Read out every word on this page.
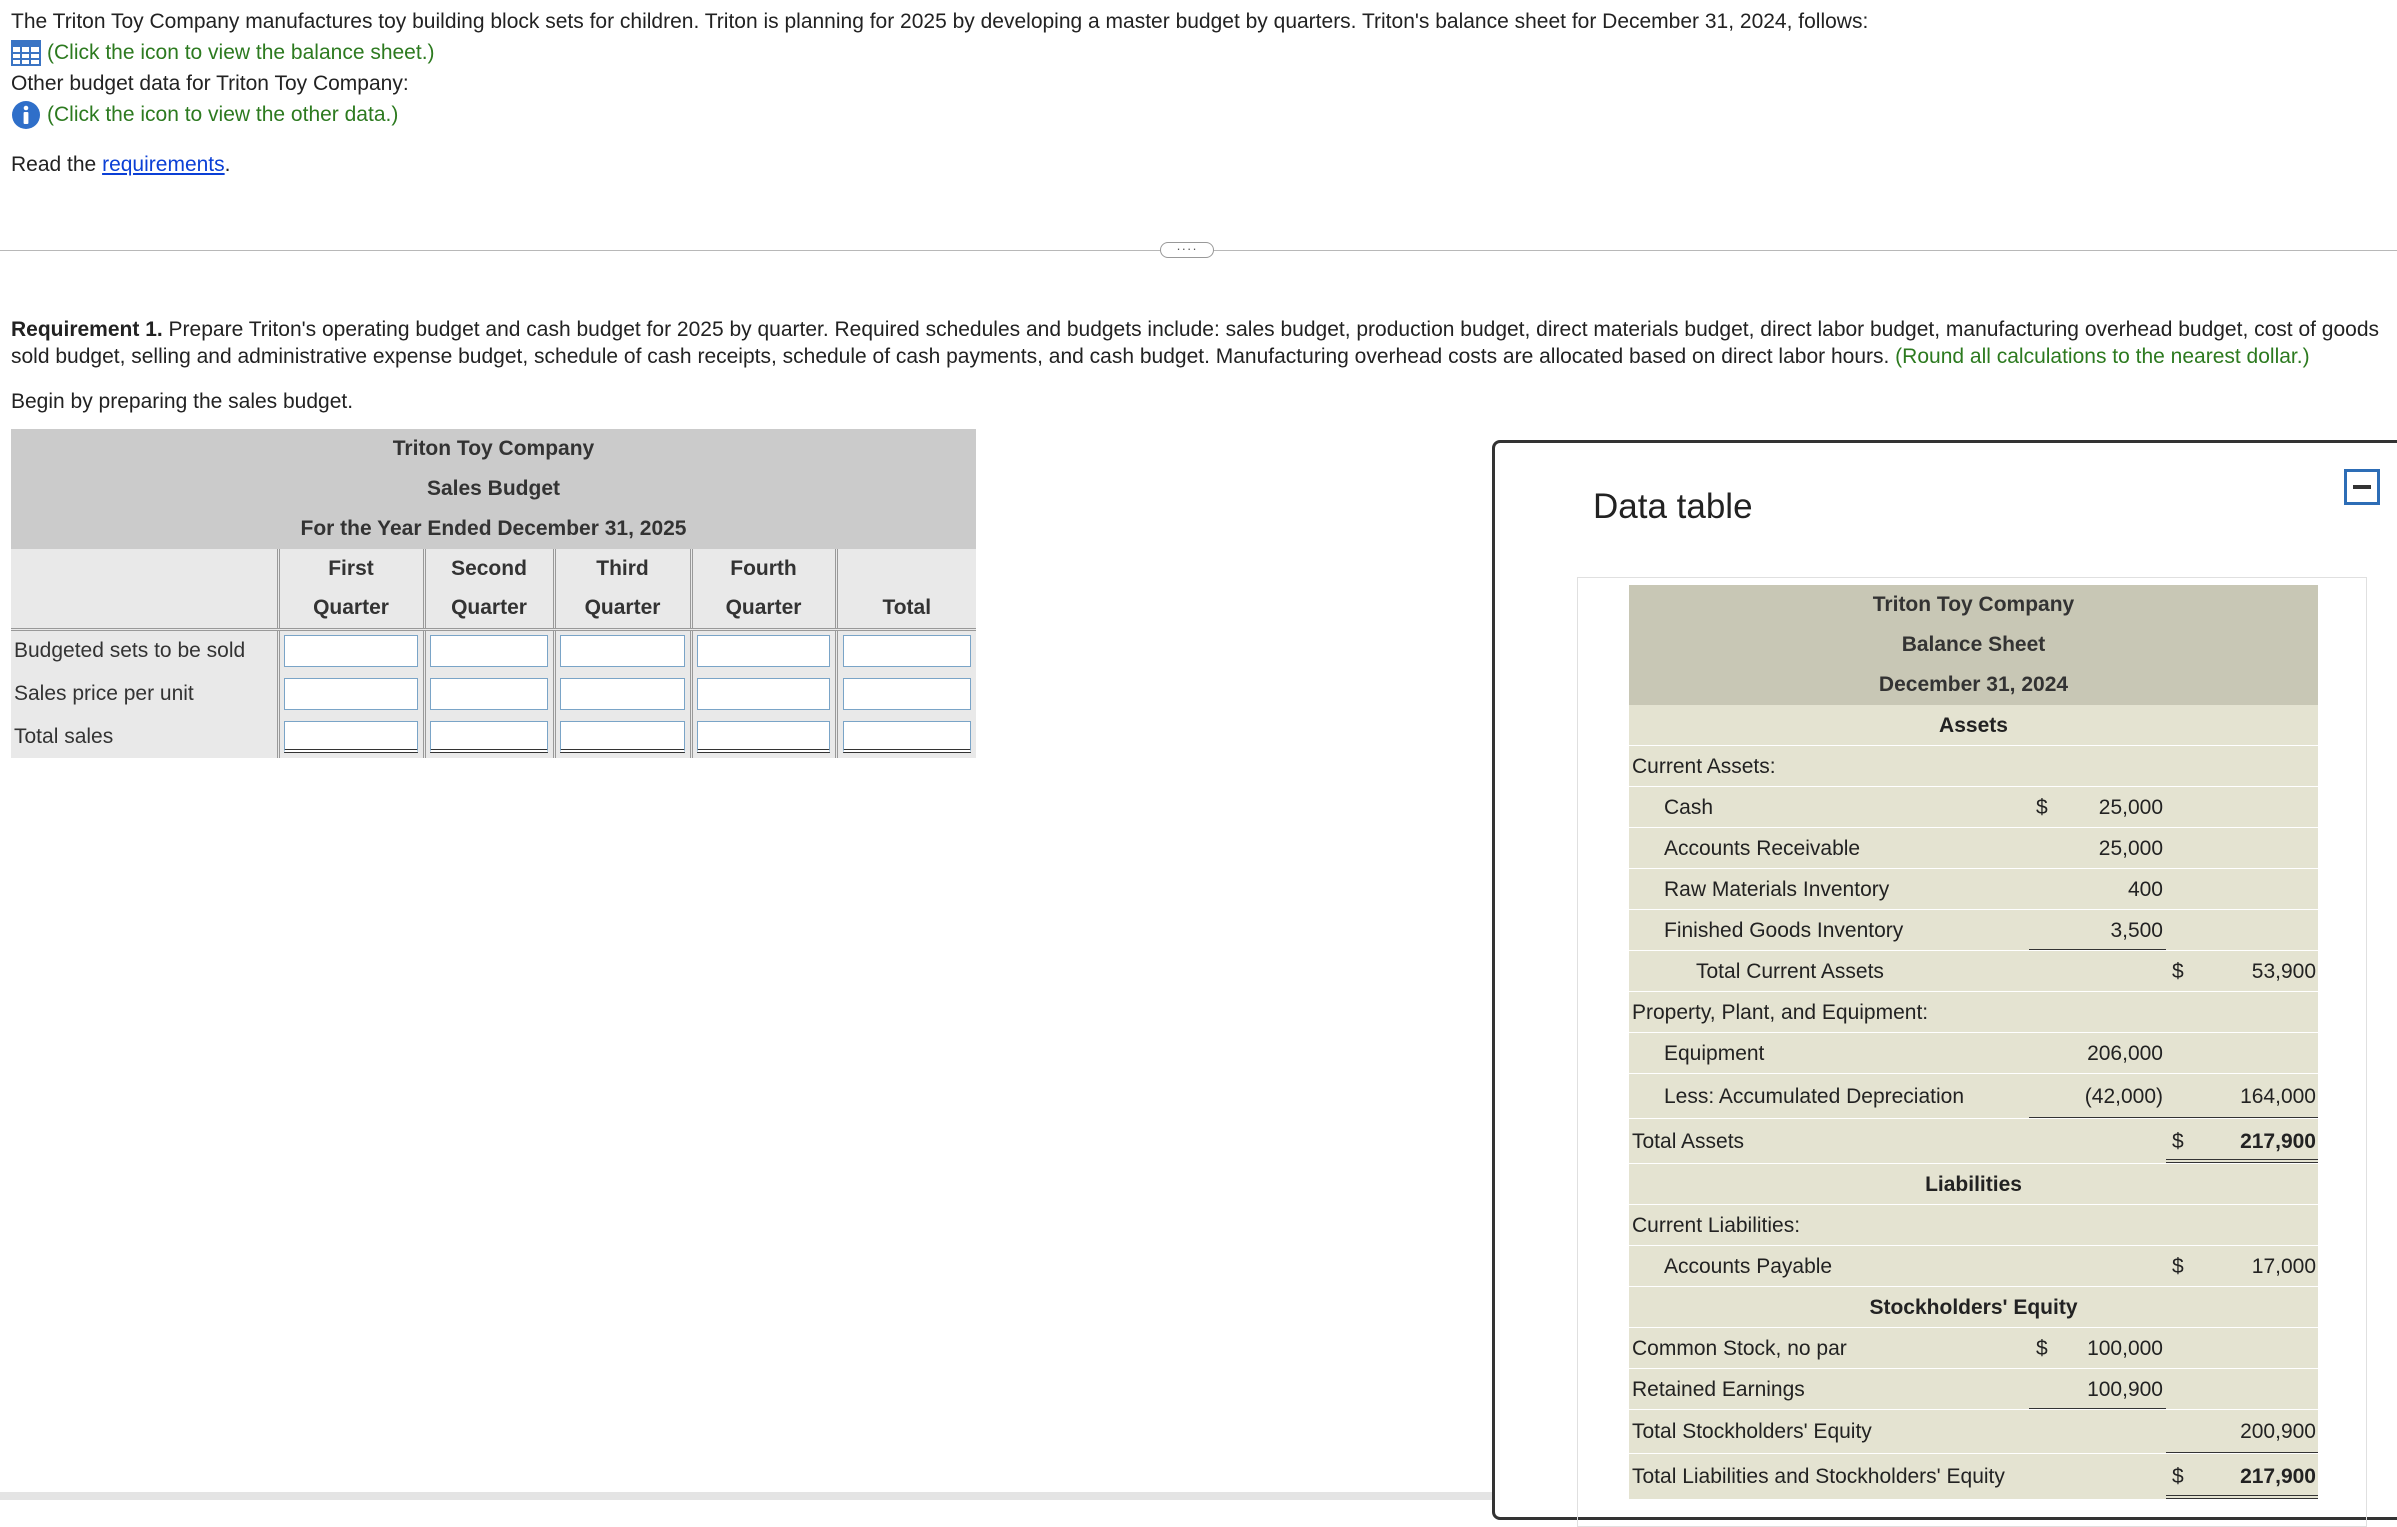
The Triton Toy Company manufactures toy building block sets for children. Triton is planning for 2025 by developing a master budget by quarters. Triton's balance sheet for December 31, 2024, follows:

(Click the icon to view the balance sheet.)

Other budget data for Triton Toy Company:

(Click the icon to view the other data.)

Read the requirements.

····

Requirement 1. Prepare Triton's operating budget and cash budget for 2025 by quarter. Required schedules and budgets include: sales budget, production budget, direct materials budget, direct labor budget, manufacturing overhead budget, cost of goods sold budget, selling and administrative expense budget, schedule of cash receipts, schedule of cash payments, and cash budget. Manufacturing overhead costs are allocated based on direct labor hours. (Round all calculations to the nearest dollar.)

Begin by preparing the sales budget.
Triton Toy Company
Sales Budget
For the Year Ended December 31, 2025
	First	Second	Third	Fourth	
	Quarter	Quarter	Quarter	Quarter	Total
Budgeted sets to be sold	

Sales price per unit	

Total sales	

Data table
Triton Toy Company
Balance Sheet
December 31, 2024
Assets
Current Assets:
Cash	$ 25,000
Accounts Receivable	25,000
Raw Materials Inventory	400
Finished Goods Inventory	3,500
Total Current Assets	$	53,900
Property, Plant, and Equipment:
Equipment	206,000
Less: Accumulated Depreciation	(42,000)	164,000
Total Assets	$	217,900
Liabilities
Current Liabilities:
Accounts Payable	$	17,000
Stockholders' Equity
Common Stock, no par	$ 100,000
Retained Earnings	100,900
Total Stockholders' Equity	200,900
Total Liabilities and Stockholders' Equity	$	217,900
